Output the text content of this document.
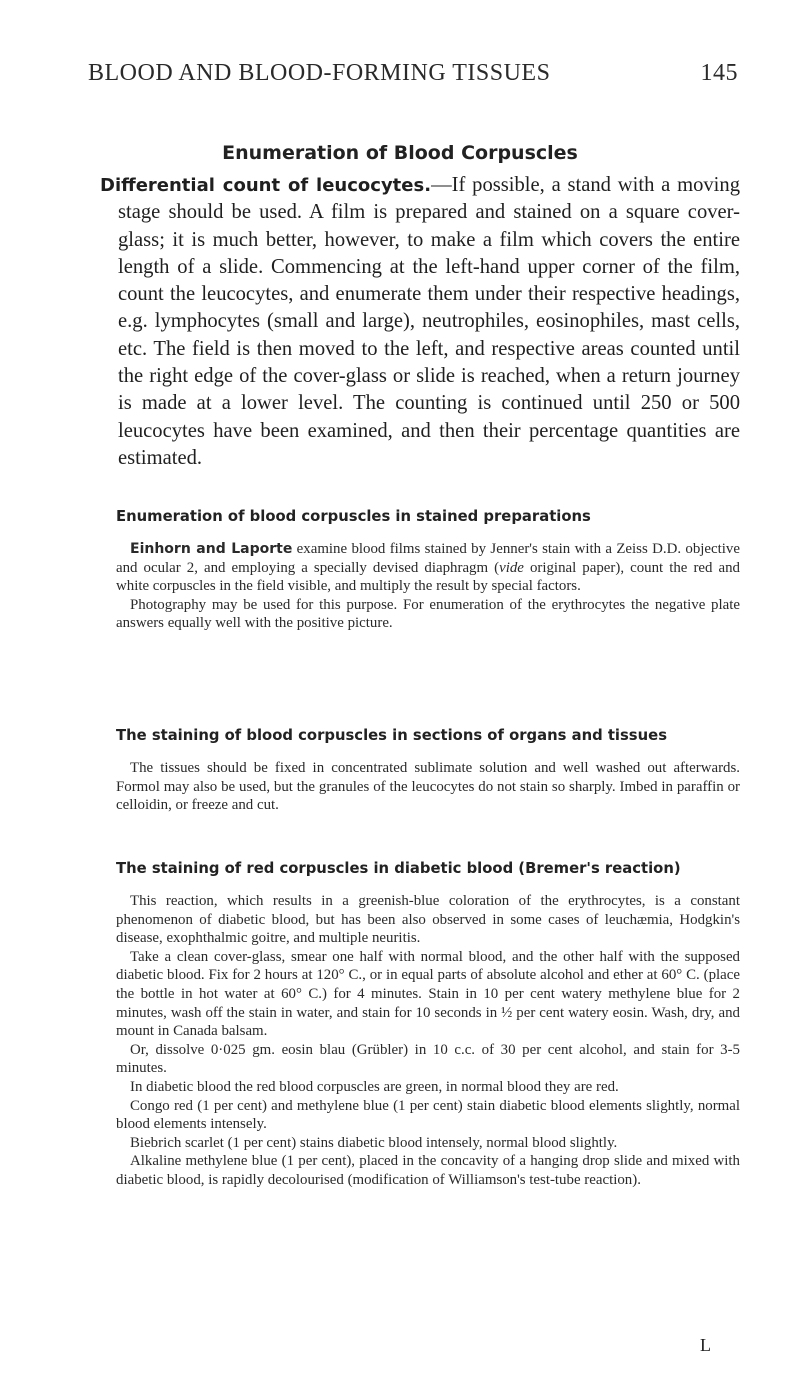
BLOOD AND BLOOD-FORMING TISSUES	145
Enumeration of Blood Corpuscles
Differential count of leucocytes.—If possible, a stand with a moving stage should be used. A film is prepared and stained on a square cover-glass; it is much better, however, to make a film which covers the entire length of a slide. Commencing at the left-hand upper corner of the film, count the leucocytes, and enumerate them under their respective headings, e.g. lymphocytes (small and large), neutrophiles, eosinophiles, mast cells, etc. The field is then moved to the left, and respective areas counted until the right edge of the cover-glass or slide is reached, when a return journey is made at a lower level. The counting is continued until 250 or 500 leucocytes have been examined, and then their percentage quantities are estimated.
Enumeration of blood corpuscles in stained preparations

Einhorn and Laporte examine blood films stained by Jenner's stain with a Zeiss D.D. objective and ocular 2, and employing a specially devised diaphragm (vide original paper), count the red and white corpuscles in the field visible, and multiply the result by special factors.

Photography may be used for this purpose. For enumeration of the erythrocytes the negative plate answers equally well with the positive picture.

The staining of blood corpuscles in sections of organs and tissues

The tissues should be fixed in concentrated sublimate solution and well washed out afterwards. Formol may also be used, but the granules of the leucocytes do not stain so sharply. Imbed in paraffin or celloidin, or freeze and cut.

The staining of red corpuscles in diabetic blood (Bremer's reaction)

This reaction, which results in a greenish-blue coloration of the erythrocytes, is a constant phenomenon of diabetic blood, but has been also observed in some cases of leuchæmia, Hodgkin's disease, exophthalmic goitre, and multiple neuritis.

Take a clean cover-glass, smear one half with normal blood, and the other half with the supposed diabetic blood. Fix for 2 hours at 120° C., or in equal parts of absolute alcohol and ether at 60° C. (place the bottle in hot water at 60° C.) for 4 minutes. Stain in 10 per cent watery methylene blue for 2 minutes, wash off the stain in water, and stain for 10 seconds in ½ per cent watery eosin. Wash, dry, and mount in Canada balsam.

Or, dissolve 0·025 gm. eosin blau (Grübler) in 10 c.c. of 30 per cent alcohol, and stain for 3-5 minutes.

In diabetic blood the red blood corpuscles are green, in normal blood they are red.

Congo red (1 per cent) and methylene blue (1 per cent) stain diabetic blood elements slightly, normal blood elements intensely.

Biebrich scarlet (1 per cent) stains diabetic blood intensely, normal blood slightly.

Alkaline methylene blue (1 per cent), placed in the concavity of a hanging drop slide and mixed with diabetic blood, is rapidly decolourised (modification of Williamson's test-tube reaction).

L
